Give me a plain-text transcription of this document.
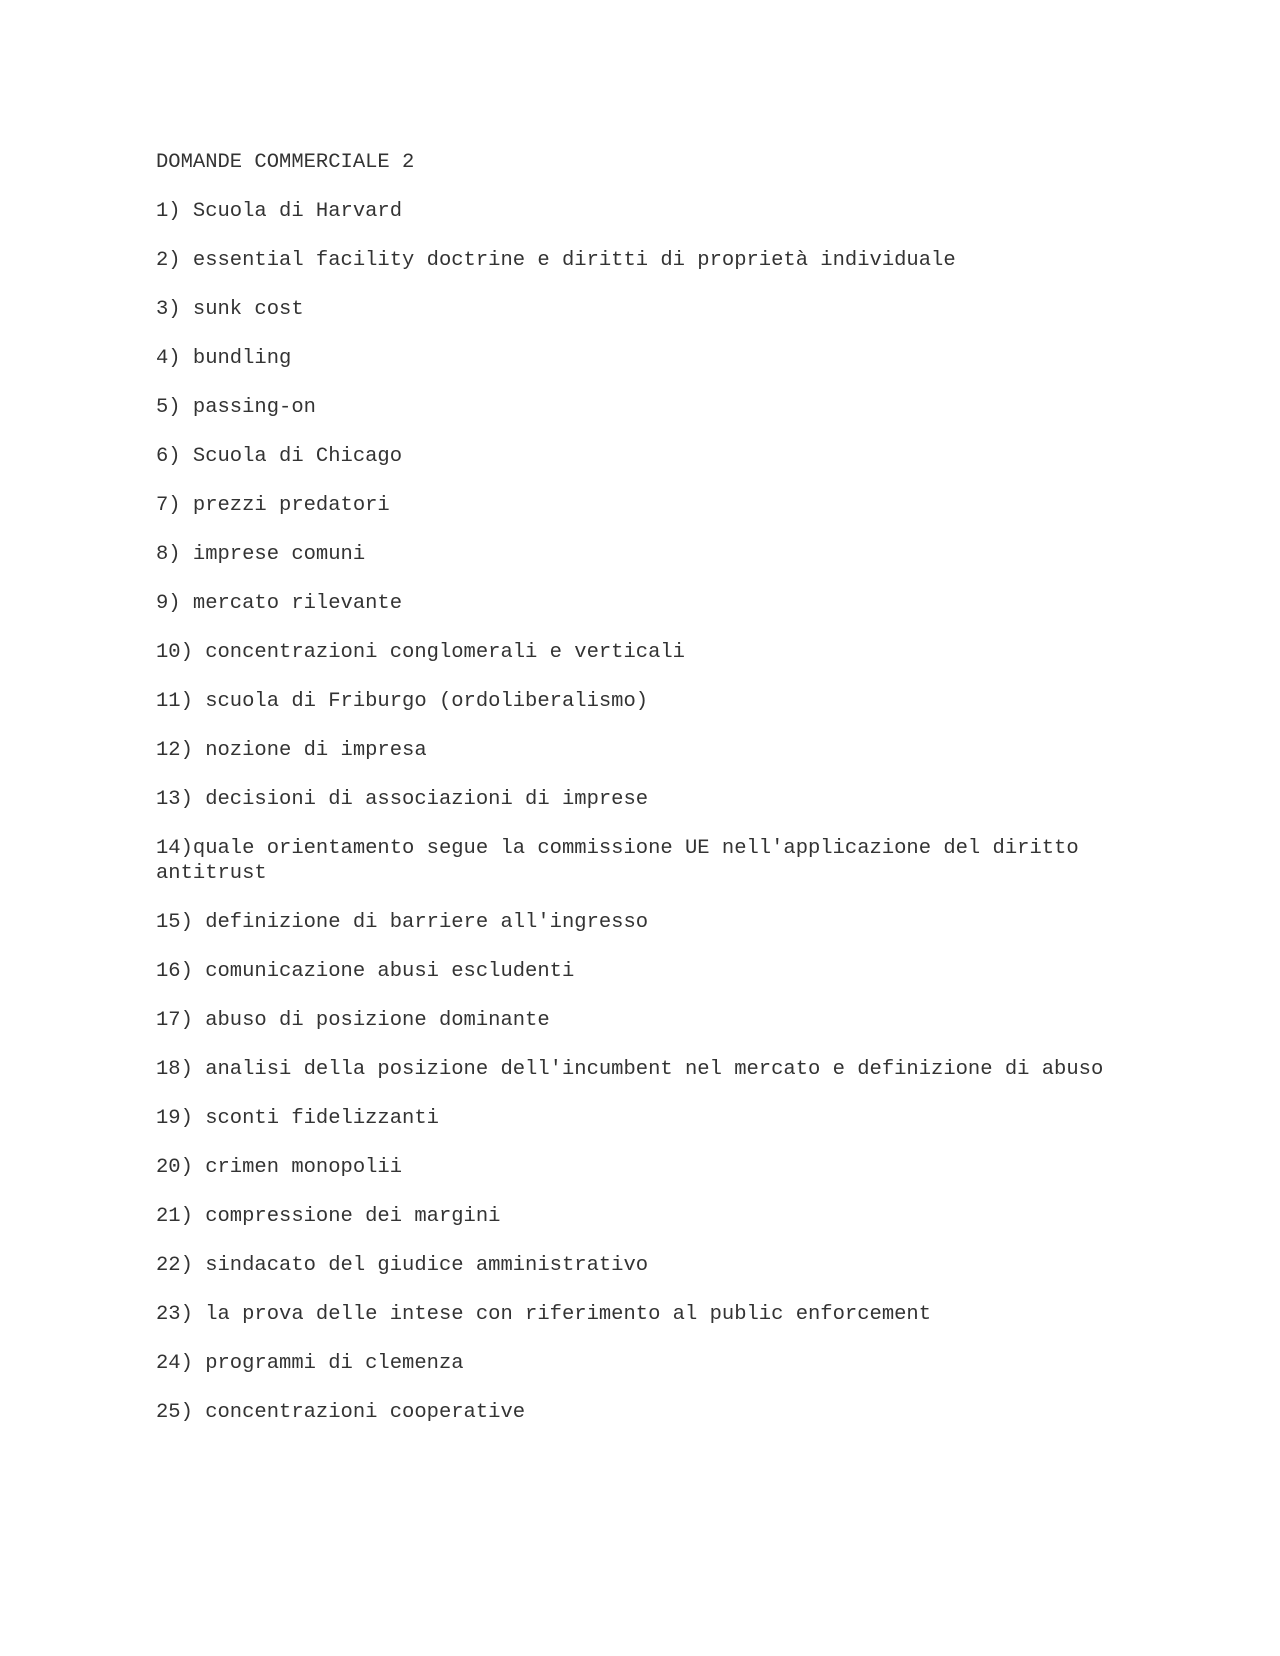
DOMANDE COMMERCIALE 2
1) Scuola di Harvard
2) essential facility doctrine e diritti di proprietà individuale
3) sunk cost
4) bundling
5) passing-on
6) Scuola di Chicago
7) prezzi predatori
8) imprese comuni
9) mercato rilevante
10) concentrazioni conglomerali e verticali
11) scuola di Friburgo (ordoliberalismo)
12) nozione di impresa
13) decisioni di associazioni di imprese
14)quale orientamento segue la commissione UE nell'applicazione del diritto antitrust
15) definizione di barriere all'ingresso
16) comunicazione abusi escludenti
17) abuso di posizione dominante
18) analisi della posizione dell'incumbent nel mercato e definizione di abuso
19) sconti fidelizzanti
20) crimen monopolii
21) compressione dei margini
22) sindacato del giudice amministrativo
23) la prova delle intese con riferimento al public enforcement
24) programmi di clemenza
25) concentrazioni cooperative
